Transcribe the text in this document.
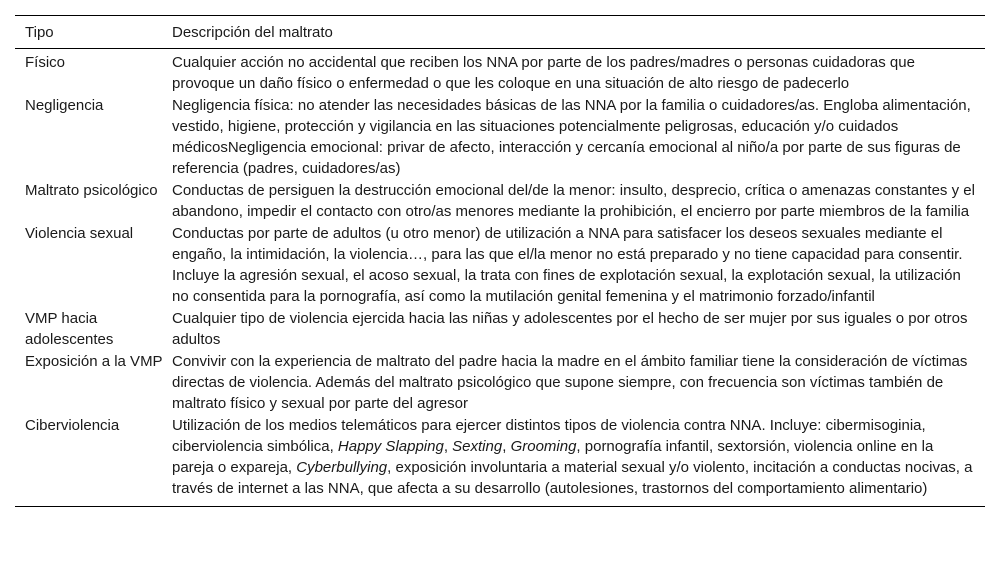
Tipo	Descripción del maltrato
Físico	Cualquier acción no accidental que reciben los NNA por parte de los padres/madres o personas cuidadoras que provoque un daño físico o enfermedad o que les coloque en una situación de alto riesgo de padecerlo
Negligencia	Negligencia física: no atender las necesidades básicas de las NNA por la familia o cuidadores/as. Engloba alimentación, vestido, higiene, protección y vigilancia en las situaciones potencialmente peligrosas, educación y/o cuidados médicosNegligencia emocional: privar de afecto, interacción y cercanía emocional al niño/a por parte de sus figuras de referencia (padres, cuidadores/as)
Maltrato psicológico	Conductas de persiguen la destrucción emocional del/de la menor: insulto, desprecio, crítica o amenazas constantes y el abandono, impedir el contacto con otro/as menores mediante la prohibición, el encierro por parte miembros de la familia
Violencia sexual	Conductas por parte de adultos (u otro menor) de utilización a NNA para satisfacer los deseos sexuales mediante el engaño, la intimidación, la violencia…, para las que el/la menor no está preparado y no tiene capacidad para consentir. Incluye la agresión sexual, el acoso sexual, la trata con fines de explotación sexual, la explotación sexual, la utilización no consentida para la pornografía, así como la mutilación genital femenina y el matrimonio forzado/infantil
VMP hacia adolescentes	Cualquier tipo de violencia ejercida hacia las niñas y adolescentes por el hecho de ser mujer por sus iguales o por otros adultos
Exposición a la VMP	Convivir con la experiencia de maltrato del padre hacia la madre en el ámbito familiar tiene la consideración de víctimas directas de violencia. Además del maltrato psicológico que supone siempre, con frecuencia son víctimas también de maltrato físico y sexual por parte del agresor
Ciberviolencia	Utilización de los medios telemáticos para ejercer distintos tipos de violencia contra NNA. Incluye: cibermisoginia, ciberviolencia simbólica, Happy Slapping, Sexting, Grooming, pornografía infantil, sextorsión, violencia online en la pareja o expareja, Cyberbullying, exposición involuntaria a material sexual y/o violento, incitación a conductas nocivas, a través de internet a las NNA, que afecta a su desarrollo (autolesiones, trastornos del comportamiento alimentario)
